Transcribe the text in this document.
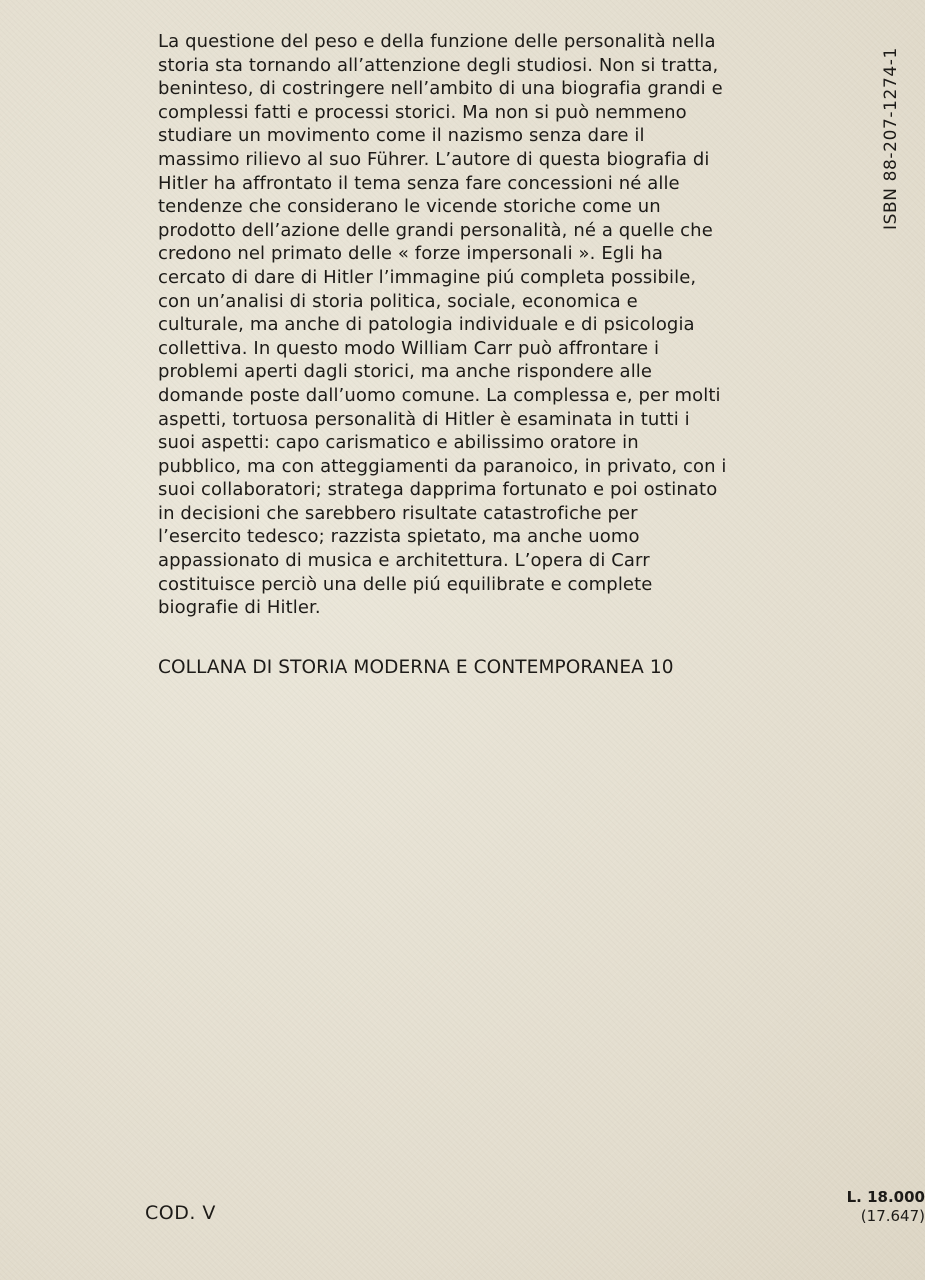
La questione del peso e della funzione delle personalità nella
storia sta tornando all’attenzione degli studiosi. Non si tratta,
beninteso, di costringere nell’ambito di una biografia grandi e
complessi fatti e processi storici. Ma non si può nemmeno
studiare un movimento come il nazismo senza dare il
massimo rilievo al suo Führer. L’autore di questa biografia di
Hitler ha affrontato il tema senza fare concessioni né alle
tendenze che considerano le vicende storiche come un
prodotto dell’azione delle grandi personalità, né a quelle che
credono nel primato delle « forze impersonali ». Egli ha
cercato di dare di Hitler l’immagine piú completa possibile,
con un’analisi di storia politica, sociale, economica e
culturale, ma anche di patologia individuale e di psicologia
collettiva. In questo modo William Carr può affrontare i
problemi aperti dagli storici, ma anche rispondere alle
domande poste dall’uomo comune. La complessa e, per molti
aspetti, tortuosa personalità di Hitler è esaminata in tutti i
suoi aspetti: capo carismatico e abilissimo oratore in
pubblico, ma con atteggiamenti da paranoico, in privato, con i
suoi collaboratori; stratega dapprima fortunato e poi ostinato
in decisioni che sarebbero risultate catastrofiche per
l’esercito tedesco; razzista spietato, ma anche uomo
appassionato di musica e architettura. L’opera di Carr
costituisce perciò una delle piú equilibrate e complete
biografie di Hitler.
COLLANA DI STORIA MODERNA E CONTEMPORANEA 10
ISBN 88-207-1274-1
COD. V
L. 18.000
(17.647)
